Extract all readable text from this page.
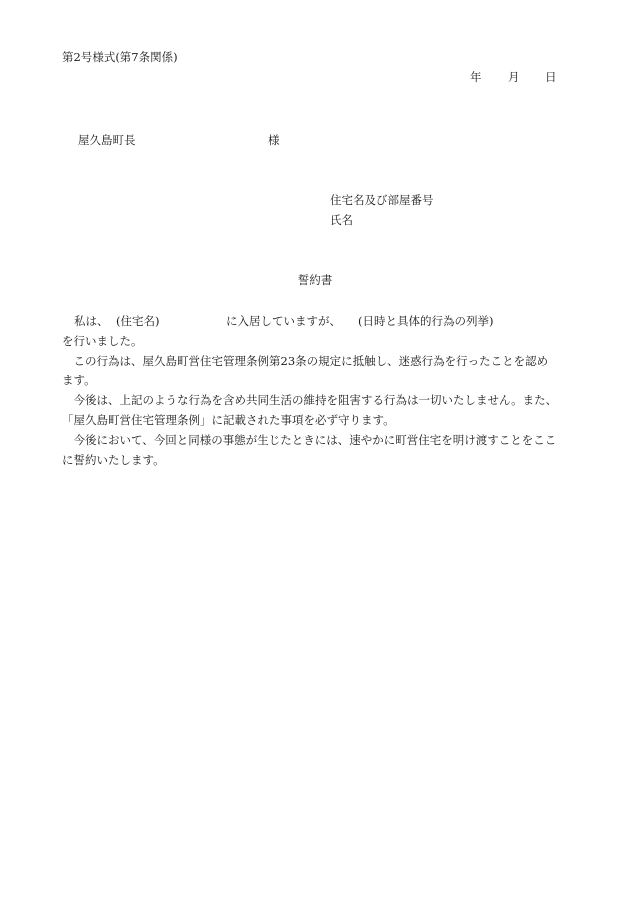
第2号様式(第7条関係)
年 月 日
屋久島町長	様
住宅名及び部屋番号
氏名
誓約書
私は、 (住宅名)	に入居していますが、 (日時と具体的行為の列挙)

を行いました。

この行為は、屋久島町営住宅管理条例第23条の規定に抵触し、迷惑行為を行ったことを認めます。

今後は、上記のような行為を含め共同生活の維持を阻害する行為は一切いたしません。また、「屋久島町営住宅管理条例」に記載された事項を必ず守ります。

今後において、今回と同様の事態が生じたときには、速やかに町営住宅を明け渡すことをここに誓約いたします。
